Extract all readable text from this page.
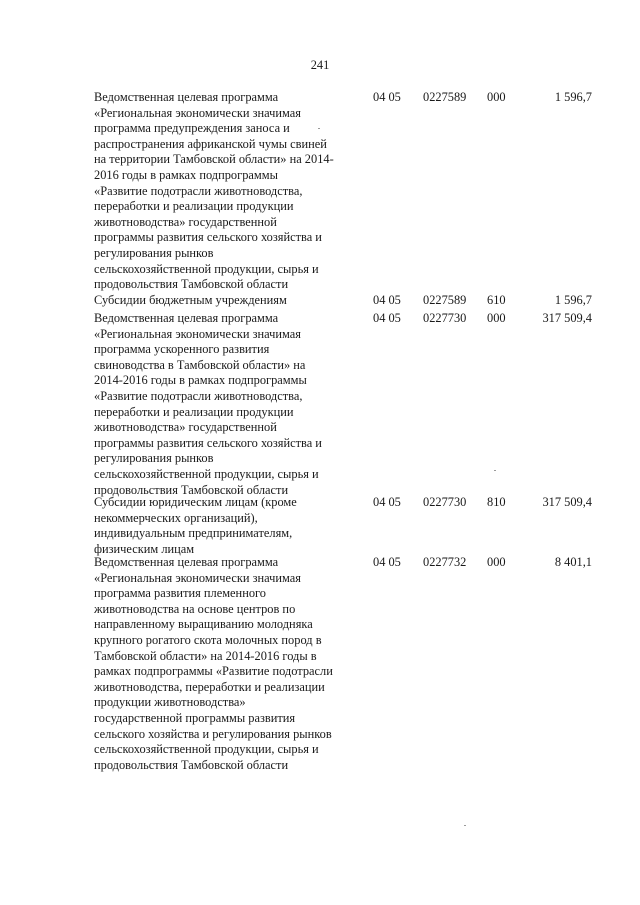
241
Ведомственная целевая программа
«Региональная экономически значимая
программа предупреждения заноса и
распространения африканской чумы свиней
на территории Тамбовской области» на 2014-
2016 годы в рамках подпрограммы
«Развитие подотрасли животноводства,
переработки и реализации продукции
животноводства» государственной
программы развития сельского хозяйства и
регулирования рынков
сельскохозяйственной продукции, сырья и
продовольствия Тамбовской области
04 05	0227589	000	1 596,7
Субсидии бюджетным учреждениям	04 05	0227589	610	1 596,7
Ведомственная целевая программа
«Региональная экономически значимая
программа ускоренного развития
свиноводства в Тамбовской области» на
2014-2016 годы в рамках подпрограммы
«Развитие подотрасли животноводства,
переработки и реализации продукции
животноводства» государственной
программы развития сельского хозяйства и
регулирования рынков
сельскохозяйственной продукции, сырья и
продовольствия Тамбовской области
04 05	0227730	000	317 509,4
Субсидии юридическим лицам (кроме
некоммерческих организаций),
индивидуальным предпринимателям,
физическим лицам
04 05	0227730	810	317 509,4
Ведомственная целевая программа
«Региональная экономически значимая
программа развития племенного
животноводства на основе центров по
направленному выращиванию молодняка
крупного рогатого скота молочных пород в
Тамбовской области» на 2014-2016 годы в
рамках подпрограммы «Развитие подотрасли
животноводства, переработки и реализации
продукции животноводства»
государственной программы развития
сельского хозяйства и регулирования рынков
сельскохозяйственной продукции, сырья и
продовольствия Тамбовской области
04 05	0227732	000	8 401,1
